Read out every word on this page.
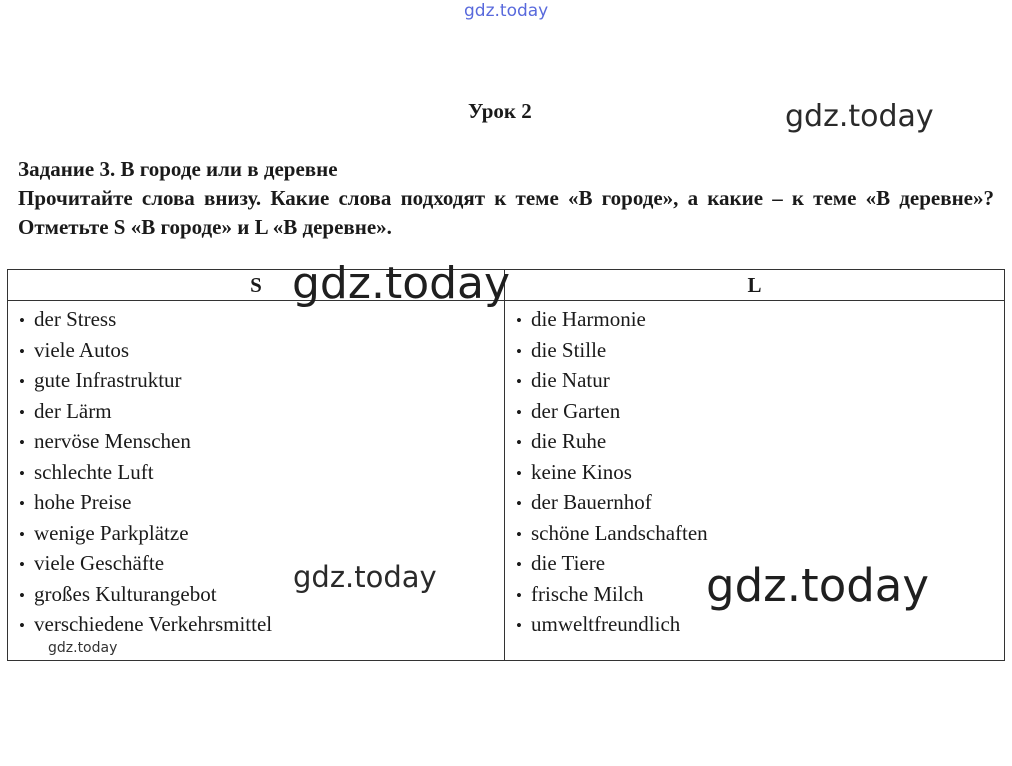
gdz.today
Урок 2	gdz.today
Задание 3. В городе или в деревне
Прочитайте слова внизу. Какие слова подходят к теме «В городе», а какие – к теме «В деревне»? Отметьте S «В городе» и L «В деревне».
S	L
• der Stress
• viele Autos
• gute Infrastruktur
• der Lärm
• nervöse Menschen
• schlechte Luft
• hohe Preise
• wenige Parkplätze
• viele Geschäfte
• großes Kulturangebot
• verschiedene Verkehrsmittel
• die Harmonie
• die Stille
• die Natur
• der Garten
• die Ruhe
• keine Kinos
• der Bauernhof
• schöne Landschaften
• die Tiere
• frische Milch
• umweltfreundlich
gdz.today
gdz.today	gdz.today
gdz.today
